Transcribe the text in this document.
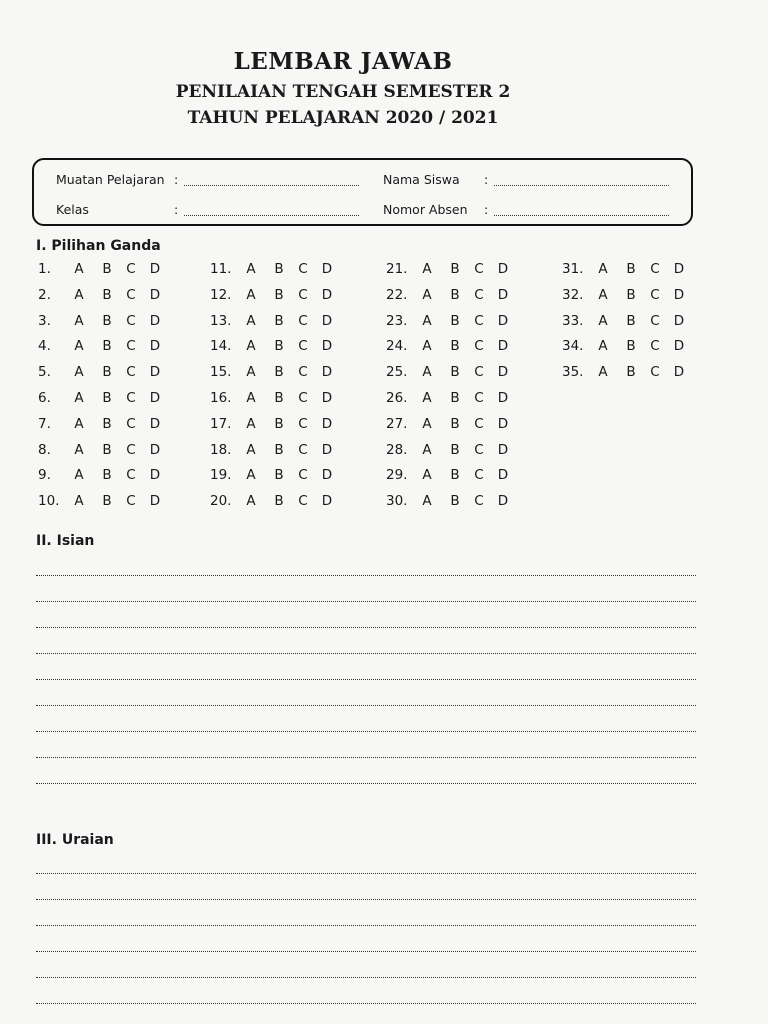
LEMBAR JAWAB
PENILAIAN TENGAH SEMESTER 2
TAHUN PELAJARAN 2020 / 2021
Muatan Pelajaran :
Kelas	:
Nama Siswa :
Nomor Absen :
I. Pilihan Ganda
1. A B C D
2. A B C D
3. A B C D
4. A B C D
5. A B C D
6. A B C D
7. A B C D
8. A B C D
9. A B C D
10. A B C D
11. A B C D
12. A B C D
13. A B C D
14. A B C D
15. A B C D
16. A B C D
17. A B C D
18. A B C D
19. A B C D
20. A B C D
21. A B C D
22. A B C D
23. A B C D
24. A B C D
25. A B C D
26. A B C D
27. A B C D
28. A B C D
29. A B C D
30. A B C D
31. A B C D
32. A B C D
33. A B C D
34. A B C D
35. A B C D
II. Isian
III. Uraian
